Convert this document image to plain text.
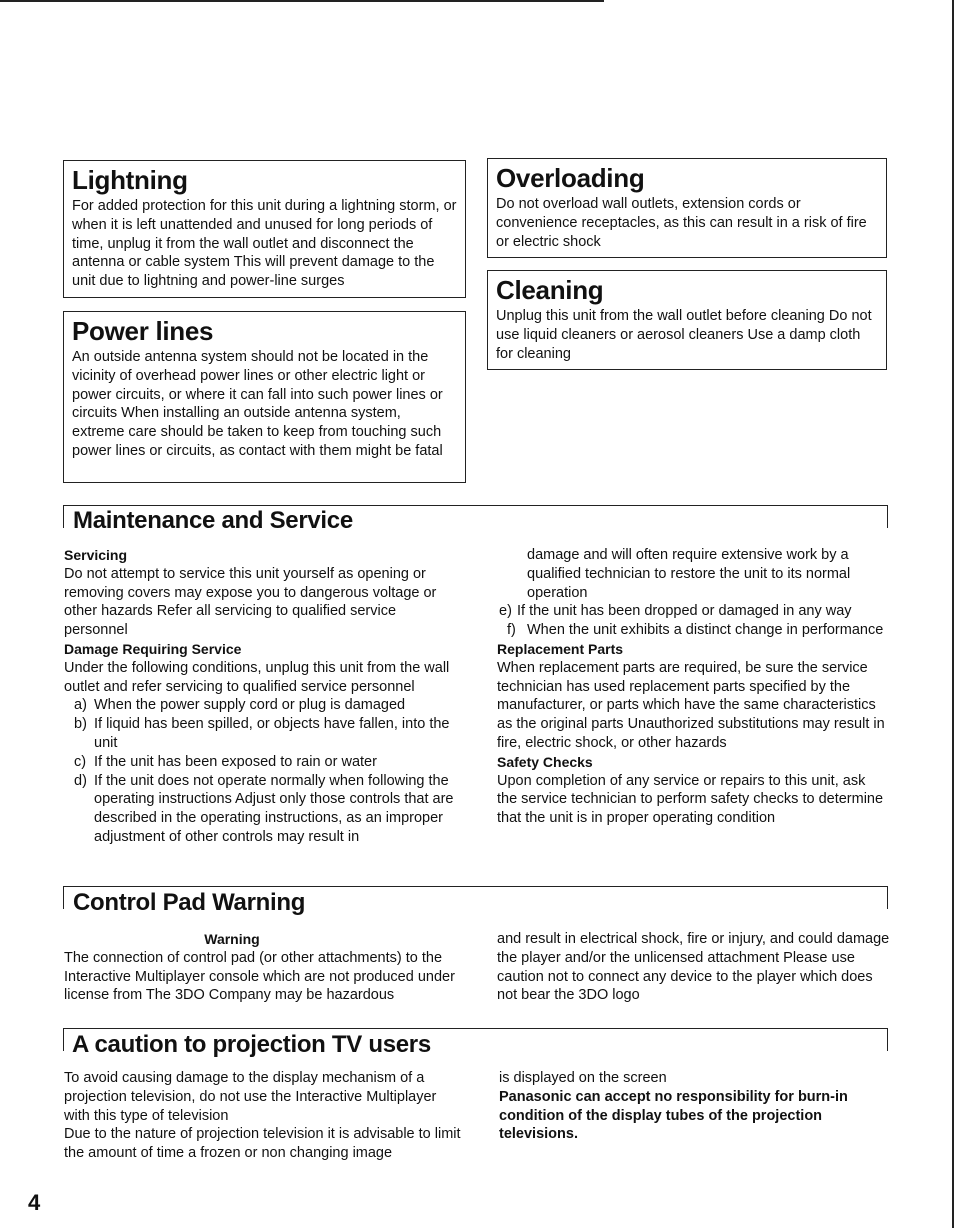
Lightning

For added protection for this unit during a lightning storm, or when it is left unattended and unused for long periods of time, unplug it from the wall outlet and disconnect the antenna or cable system This will prevent damage to the unit due to lightning and power-line surges

Power lines

An outside antenna system should not be located in the vicinity of overhead power lines or other electric light or power circuits, or where it can fall into such power lines or circuits When installing an outside antenna system, extreme care should be taken to keep from touching such power lines or circuits, as contact with them might be fatal

Overloading

Do not overload wall outlets, extension cords or convenience receptacles, as this can result in a risk of fire or electric shock

Cleaning

Unplug this unit from the wall outlet before cleaning Do not use liquid cleaners or aerosol cleaners Use a damp cloth for cleaning

Maintenance and Service

Servicing

Do not attempt to service this unit yourself as opening or removing covers may expose you to dangerous voltage or other hazards Refer all servicing to qualified service personnel

Damage Requiring Service

Under the following conditions, unplug this unit from the wall outlet and refer servicing to qualified service personnel

a) When the power supply cord or plug is damaged

b) If liquid has been spilled, or objects have fallen, into the unit

c) If the unit has been exposed to rain or water

d) If the unit does not operate normally when following the operating instructions Adjust only those controls that are described in the operating instructions, as an improper adjustment of other controls may result in

damage and will often require extensive work by a qualified technician to restore the unit to its normal operation

e) If the unit has been dropped or damaged in any way

f) When the unit exhibits a distinct change in performance

Replacement Parts

When replacement parts are required, be sure the service technician has used replacement parts specified by the manufacturer, or parts which have the same characteristics as the original parts Unauthorized substitutions may result in fire, electric shock, or other hazards

Safety Checks

Upon completion of any service or repairs to this unit, ask the service technician to perform safety checks to determine that the unit is in proper operating condition

Control Pad Warning

Warning

The connection of control pad (or other attachments) to the Interactive Multiplayer console which are not produced under license from The 3DO Company may be hazardous

and result in electrical shock, fire or injury, and could damage the player and/or the unlicensed attachment Please use caution not to connect any device to the player which does not bear the 3DO logo

A caution to projection TV users

To avoid causing damage to the display mechanism of a projection television, do not use the Interactive Multiplayer with this type of television

Due to the nature of projection television it is advisable to limit the amount of time a frozen or non changing image

is displayed on the screen

Panasonic can accept no responsibility for burn-in condition of the display tubes of the projection televisions.

4
